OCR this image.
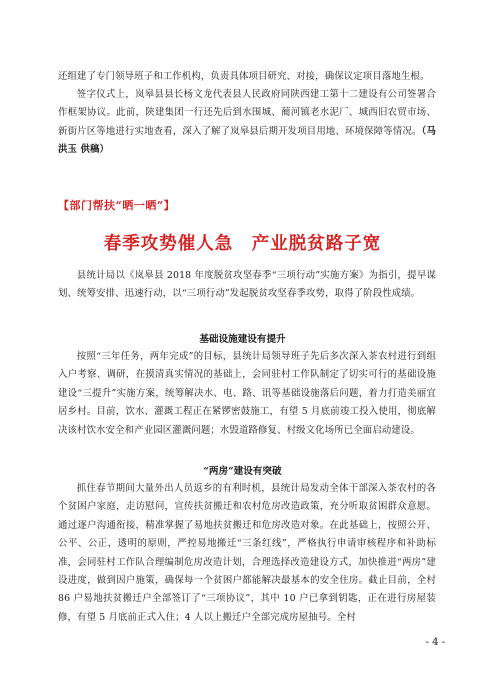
还组建了专门领导班子和工作机构，负责具体项目研究、对接，确保议定项目落地生根。

签字仪式上，岚皋县县长杨文龙代表县人民政府同陕西建工第十二建设有公司签署合作框架协议。此前，陕建集团一行还先后到水围城、蔺河镇老水泥厂、城西旧农贸市场、新街片区等地进行实地查看，深入了解了岚皋县后期开发项目用地、环境保障等情况。（马洪玉 供稿）

【部门帮扶“晒一晒”】
春季攻势催人急　产业脱贫路子宽

县统计局以《岚皋县 2018 年度脱贫攻坚春季“三项行动”实施方案》为指引，提早谋划、统筹安排、迅速行动，以“三项行动”发起脱贫攻坚春季攻势，取得了阶段性成绩。

基础设施建设有提升

按照“三年任务，两年完成”的目标，县统计局领导班子先后多次深入茶农村进行到组入户考察、调研，在摸清真实情况的基础上，会同驻村工作队制定了切实可行的基础设施建设“三提升”实施方案，统筹解决水、电、路、讯等基础设施落后问题，着力打造美丽宜居乡村。目前，饮水、灌溉工程正在紧锣密鼓施工，有望 5 月底前竣工投入使用，彻底解决该村饮水安全和产业园区灌溉问题；水毁道路修复、村级文化场所已全面启动建设。

“两房”建设有突破

抓住春节期间大量外出人员返乡的有利时机，县统计局发动全体干部深入茶农村的各个贫困户家庭，走访慰问，宣传扶贫搬迁和农村危房改造政策，充分听取贫困群众意愿。通过逐户沟通衔接，精准掌握了易地扶贫搬迁和危房改造对象。在此基础上，按照公开、公平、公正，透明的原则，严控易地搬迁“三条红线”，严格执行申请审核程序和补助标准，会同驻村工作队合理编制危房改造计划，合理选择改造建设方式，加快推进“两房”建设进度，做到因户施策，确保每一个贫困户都能解决最基本的安全住房。截止目前，全村 86 户易地扶贫搬迁户全部签订了“三项协议”，其中 10 户已拿到钥匙，正在进行房屋装修，有望 5 月底前正式入住；4 人以上搬迁户全部完成房屋抽号。全村

- 4 -
